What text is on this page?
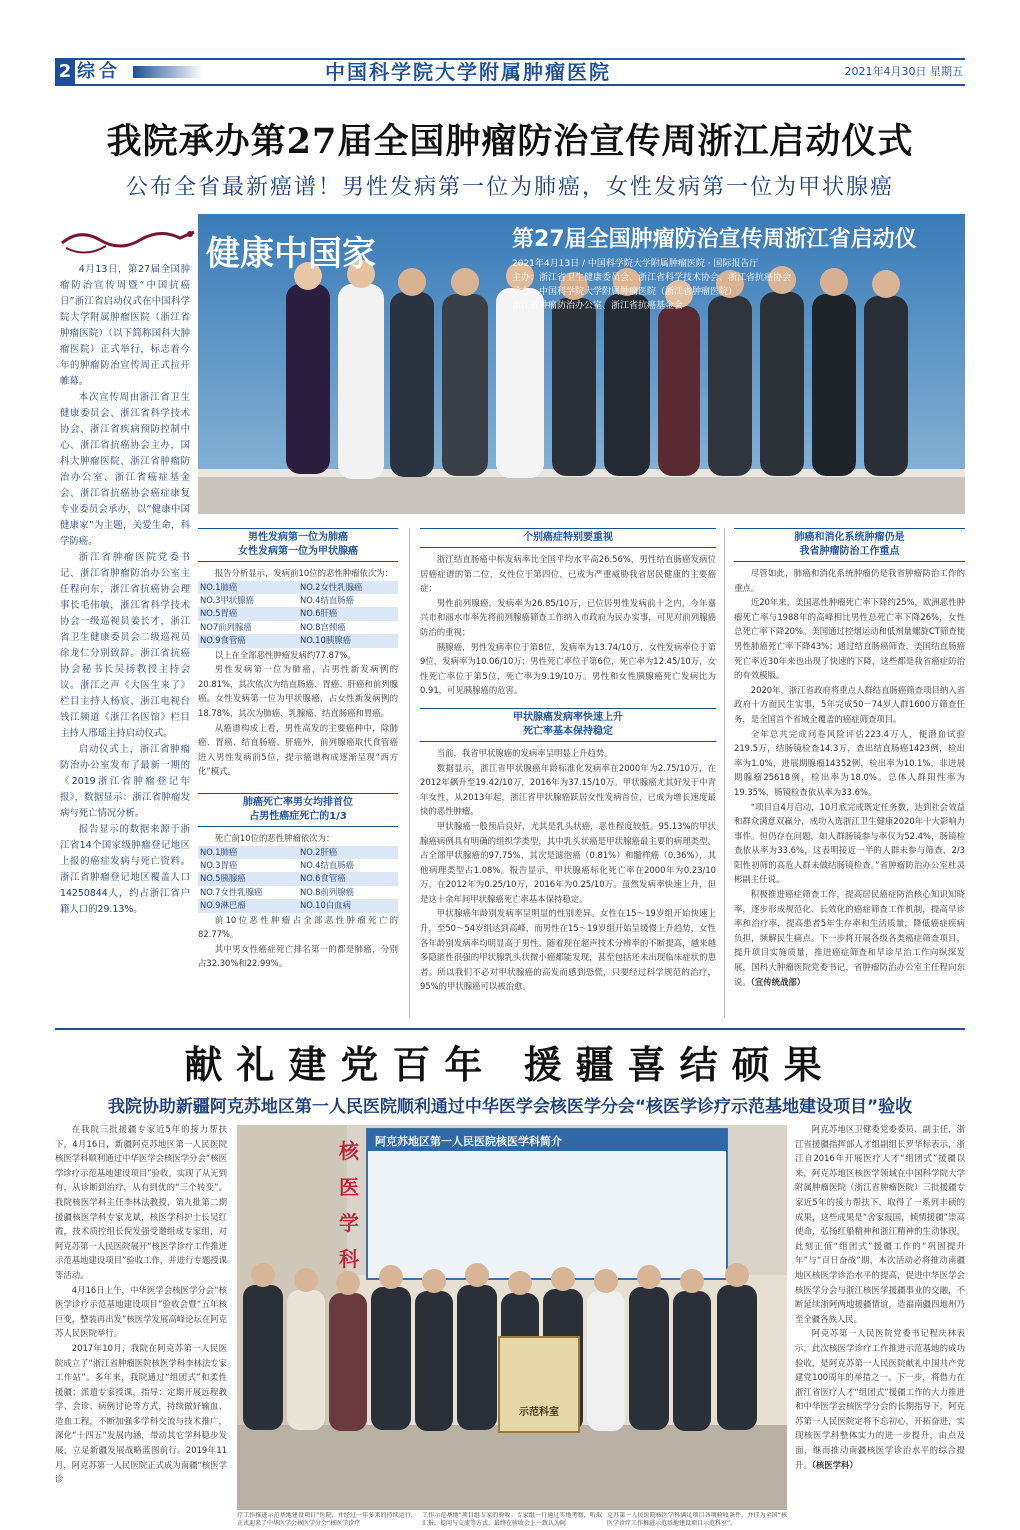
2 综合	中国科学院大学附属肿瘤医院	2021年4月30日 星期五
我院承办第27届全国肿瘤防治宣传周浙江启动仪式
公布全省最新癌谱！男性发病第一位为肺癌，女性发病第一位为甲状腺癌

4月13日，第27届全国肿瘤防治宣传周暨“中国抗癌日”浙江省启动仪式在中国科学院大学附属肿瘤医院（浙江省肿瘤医院）（以下简称国科大肿瘤医院）正式举行，标志着今年的肿瘤防治宣传周正式拉开帷幕。

本次宣传周由浙江省卫生健康委员会、浙江省科学技术协会、浙江省疾病预防控制中心、浙江省抗癌协会主办，国科大肿瘤医院、浙江省肿瘤防治办公室、浙江省癌症基金会、浙江省抗癌协会癌症康复专业委员会承办，以“健康中国健康家”为主题，关爱生命，科学防癌。

浙江省肿瘤医院党委书记、浙江省肿瘤防治办公室主任程向东，浙江省抗癌协会理事长毛伟敏，浙江省科学技术协会一级巡视员姜长才，浙江省卫生健康委员会二级巡视员徐龙仁分别致辞。浙江省抗癌协会秘书长吴扬教授主持会议。浙江之声《大医生来了》栏目主持人杨宸、浙江电视台钱江频道《浙江名医馆》栏目主持人邢瑶主持启动仪式。

启动仪式上，浙江省肿瘤防治办公室发布了最新一期的《2019浙江省肿瘤登记年报》，数据显示：浙江省肿瘤发病与死亡情况分析。

报告显示的数据来源于浙江省14个国家级肿瘤登记地区上报的癌症发病与死亡资料。浙江省肿瘤登记地区覆盖人口14250844人，约占浙江省户籍人口的29.13%。

健康中国家	第27届全国肿瘤防治宣传周浙江省启动仪
2021年4月13日 / 中国科学院大学附属肿瘤医院 · 国际报告厅
主办：浙江省卫生健康委员会、浙江省科学技术协会、浙江省抗癌协会
承办：中国科学院大学附属肿瘤医院（浙江省肿瘤医院）
浙江省肿瘤防治办公室、浙江省抗癌基金会
男性发病第一位为肺癌
女性发病第一位为甲状腺癌

报告分析显示，发病前10位的恶性肿瘤依次为：

NO.1肺癌	NO.2女性乳腺癌
NO.3甲状腺癌	NO.4结直肠癌
NO.5胃癌	NO.6肝癌
NO7前列腺癌	NO.8宫颈癌
NO.9食管癌	NO.10胰腺癌

以上在全部恶性肿瘤发病约77.87%。

男性发病第一位为肺癌，占男性新发病例的20.81%，其次依次为结直肠癌、胃癌、肝癌和前列腺癌。女性发病第一位为甲状腺癌，占女性新发病例的18.78%，其次为肺癌、乳腺癌、结直肠癌和胃癌。

从癌谱构成上看，男性高发的主要癌种中，除肺癌、胃癌、结直肠癌、肝癌外，前列腺癌取代食管癌进入男性发病前5位，提示癌谱构成逐渐呈现“西方化”模式。

肺癌死亡率男女均排首位
占男性癌症死亡的1/3

死亡前10位的恶性肿瘤依次为：

NO.1肺癌	NO.2肝癌
NO.3胃癌	NO.4结直肠癌
NO.5胰腺癌	NO.6食管癌
NO.7女性乳腺癌	NO.8前列腺癌
NO.9淋巴瘤	NO.10白血病

前10位恶性肿瘤占全部恶性肿瘤死亡的82.77%。

其中男女性癌症死亡排名第一的都是肺癌，分别占32.30%和22.99%。

个别癌症特别要重视

浙江结直肠癌中标发病率比全国平均水平高26.56%，男性结直肠癌发病位居癌症谱的第二位，女性位于第四位，已成为严重威胁我省居民健康的主要癌症；

男性前列腺癌，发病率为26.85/10万，已位居男性发病前十之内，今年嘉兴市和丽水市率先将前列腺癌筛查工作纳入市政府为民办实事，可见对前列腺癌防治的重视；

胰腺癌，男性发病率位于第8位，发病率为13.74/10万，女性发病率位于第9位，发病率为10.06/10万；男性死亡率位于第6位，死亡率为12.45/10万，女性死亡率位于第5位，死亡率为9.19/10万。男性和女性胰腺癌死亡发病比为0.91，可见胰腺癌的危害。

甲状腺癌发病率快速上升
死亡率基本保持稳定

当前，我省甲状腺癌的发病率呈明显上升趋势。

数据显示，浙江省甲状腺癌年龄标准化发病率在2000年为2.75/10万，在2012年飙升至19.42/10万，2016年为37.15/10万。甲状腺癌尤其好发于中青年女性，从2013年起，浙江省甲状腺癌跃居女性发病首位，已成为增长速度最快的恶性肿瘤。

甲状腺癌一般预后良好，尤其是乳头状癌，恶性程度较低。95.13%的甲状腺癌病例具有明确的组织学类型，其中乳头状癌是甲状腺癌最主要的病理类型，占全部甲状腺癌的97.75%，其次是滤泡癌（0.81%）和髓样癌（0.36%），其他病理类型占1.08%。报告显示，甲状腺癌标化死亡率在2000年为0.23/10万，在2012年为0.25/10万，2016年为0.25/10万。虽然发病率快速上升，但是这十余年间甲状腺癌死亡率基本保持稳定。

甲状腺癌年龄别发病率呈明显的性别差异。女性在15～19岁组开始快速上升，至50～54岁组达到高峰，而男性在15～19岁组开始呈缓慢上升趋势，女性各年龄别发病率均明显高于男性。随着现在超声技术分辨率的不断提高，越来越多隐匿性很强的甲状腺乳头状微小癌都能发现，甚至包括还未出现临床症状的患者。所以我们不必对甲状腺癌的高发而感到恐慌，只要经过科学规范的治疗，95%的甲状腺癌可以被治愈。

肺癌和消化系统肿瘤仍是
我省肿瘤防治工作重点

尽管如此，肺癌和消化系统肿瘤仍是我省肿瘤防治工作的重点。

近20年来，美国恶性肿瘤死亡率下降约25%，欧洲恶性肿瘤死亡率与1988年的高峰相比男性总死亡率下降26%，女性总死亡率下降20%。美国通过控烟运动和低剂量螺旋CT筛查使男性肺癌死亡率下降43%；通过结直肠癌筛查，美国结直肠癌死亡率近30年来也出现了快速的下降，这些都是我省癌症防治的有效模版。

2020年，浙江省政府将重点人群结直肠癌筛查项目纳入省政府十方面民生实事，5年完成50－74岁人群1600万筛查任务，是全国首个省域全覆盖的癌症筛查项目。

全年总共完成问卷风险评估223.4万人，便潜血试验219.5万，结肠镜检查14.3万，查出结直肠癌1423例，检出率为1.0%，进展期腺瘤14352例，检出率为10.1%，非进展期腺瘤25618例，检出率为18.0%。总体人群阳性率为19.35%，肠镜检查依从率为33.6%。

“项目自4月启动，10月底完成既定任务数，达到社会效益和群众满意双赢分，成功入选浙江卫生健康2020年十大影响力事件。但仍存在问题，如人群肠镜参与率仅为52.4%，肠镜检查依从率为33.6%，这表明接近一半的人群未参与筛查，2/3阳性初筛的高危人群未做结肠镜检查。”省肿瘤防治办公室杜灵彬副主任说。

积极推进癌症筛查工作，提高居民癌症防治核心知识知晓率，逐步形成规范化、长效化的癌症筛查工作机制，提高早诊率和治疗率，提高患者5年生存率和生活质量，降低癌症疾病负担，频解民生痛点。下一步将开展各级各类癌症筛查项目，提升项目实施质量，推进癌症筛查和早诊早治工作向纵深发展，国科大肿瘤医院党委书记、省肿瘤防治办公室主任程向东说。（宣传统战部）

献礼建党百年 援疆喜结硕果
我院协助新疆阿克苏地区第一人民医院顺利通过中华医学会核医学分会“核医学诊疗示范基地建设项目”验收

在我院三批援疆专家近5年的接力帮扶下，4月16日，新疆阿克苏地区第一人民医院核医学科顺利通过中华医学会核医学分会“核医学诊疗示范基地建设项目”验收。实现了从无到有，从诊断到治疗，从有到优的“三个转变”。我院核医学科主任李林法教授，第九批第二期援疆核医学科专家龙斌，核医学科护士长吴红霞，技术质控组长倪发强受邀组成专家组，对阿克苏第一人民医院展开“核医学诊疗工作推进示范基地建设项目”验收工作，并进行专题授课等活动。

4月16日上午，中华医学会核医学分会“核医学诊疗示范基地建设项目”验收会暨“五年核巨变，整装再出发”核医学发展高峰论坛在阿克苏人民医院举行。

2017年10月，我院在阿克苏第一人民医院成立了“浙江省肿瘤医院核医学科李林法专家工作站”。多年来，我院通过“组团式”和柔性援疆；派遣专家授课，指导；定期开展远程教学、会诊、病例讨论等方式，持续做好输血、造血工程，不断加强多学科交流与技术推广，深化“十四五”发展内涵，带动其它学科稳步发展，立足新疆发展战略蓝图前行。2019年11月，阿克苏第一人民医院正式成为南疆“核医学诊

核
医
学
科
阿克苏地区第一人民医院核医学科简介
示范科室
疗工作推进示范基地建设项目”医院，并经过一年多来的持续运行，正式迎来了中华医学会核医学分会“核医学诊疗
工作示范基地”项目组专家的验收。专家组一行通过实地考察，听取汇报，提问与交流等方式，最终在验收会上一致认为阿
克苏第一人民医院核医学科满足项目各项验收条件，并挂为全国“核医学诊疗工作推进示范基地建设项目示范科室”。

阿克苏地区卫健委党委委员、副主任，浙江省援疆指挥部人才组副组长罗华标表示，浙江自2016年开展医疗人才“组团式”援疆以来，阿克苏地区核医学领域在中国科学院大学附属肿瘤医院（浙江省肿瘤医院）三批援疆专家近5年的接力帮扶下，取得了一系列丰硕的成果，这些成果是“舍家报国，倾情援疆”崇高使命，弘扬红船精神和浙江精神的生动体现，此刻正值“组团式”援疆工作的“巩固提升年”与“百日奋战”期，本次活动必将推动南疆地区核医学诊治水平的提高，促进中华医学会核医学分会与浙江核医学援疆事业的交融，不断延续浙阿两地援疆情谊，造福南疆四地州乃至全疆各族人民。

阿克苏第一人民医院党委书记程庆林表示，此次核医学诊疗工作推进示范基地的成功验收，是阿克苏第一人民医院献礼中国共产党建党100周年的举措之一。下一步，将借力在浙江省医疗人才“组团式”援疆工作的大力推进和中华医学会核医学分会的长期指导下，阿克苏第一人民医院定将不忘初心，开拓奋进，实现核医学科整体实力的进一步提升，由点及面，继而推动南疆核医学诊治水平的综合提升。（核医学科）
